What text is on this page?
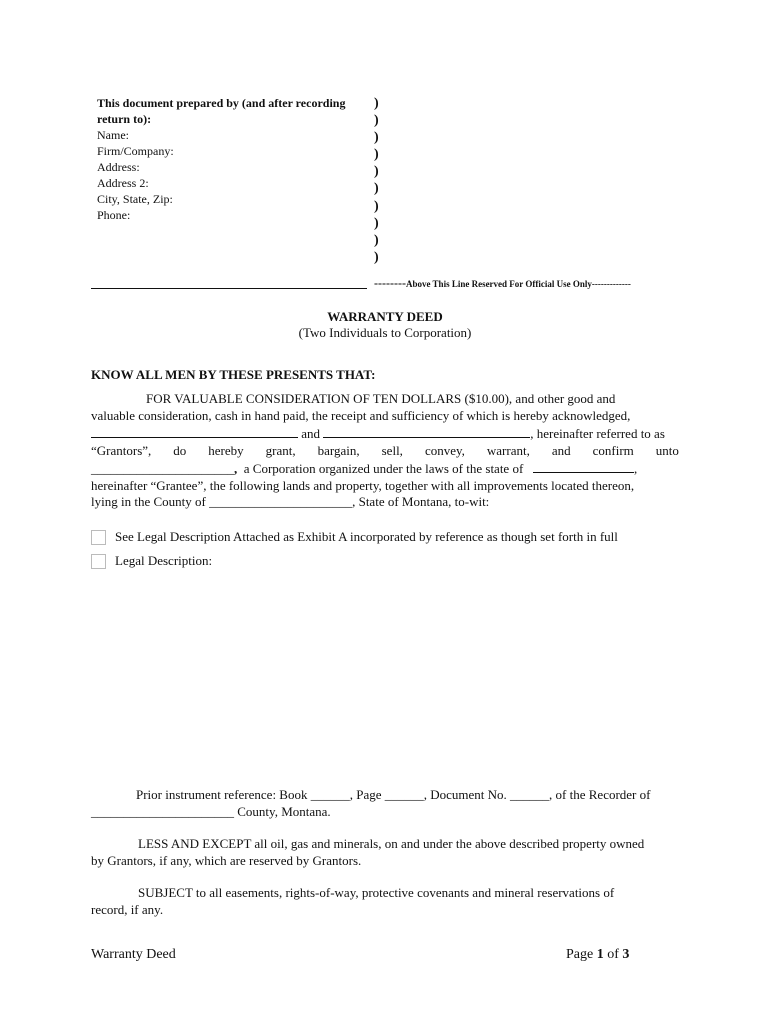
This document prepared by (and after recording
return to):
Name:
Firm/Company:
Address:
Address 2:
City, State, Zip:
Phone:
)
)
)
)
)
)
)
)
)
)
--------Above This Line Reserved For Official Use Only-------------
WARRANTY DEED
(Two Individuals to Corporation)
KNOW ALL MEN BY THESE PRESENTS THAT:
FOR VALUABLE CONSIDERATION OF TEN DOLLARS ($10.00), and other good and
valuable consideration, cash in hand paid, the receipt and sufficiency of which is hereby acknowledged,
and	, hereinafter referred to as
“Grantors”, do hereby grant, bargain, sell, convey, warrant, and confirm unto
______________________, a Corporation organized under the laws of the state of	,
hereinafter “Grantee”, the following lands and property, together with all improvements located thereon,
lying in the County of ______________________, State of Montana, to-wit:
See Legal Description Attached as Exhibit A incorporated by reference as though set forth in full
Legal Description:
Prior instrument reference: Book ______, Page ______, Document No. ______, of the Recorder of
______________________ County, Montana.
LESS AND EXCEPT all oil, gas and minerals, on and under the above described property owned
by Grantors, if any, which are reserved by Grantors.
SUBJECT to all easements, rights-of-way, protective covenants and mineral reservations of
record, if any.
Warranty Deed	Page 1 of 3
